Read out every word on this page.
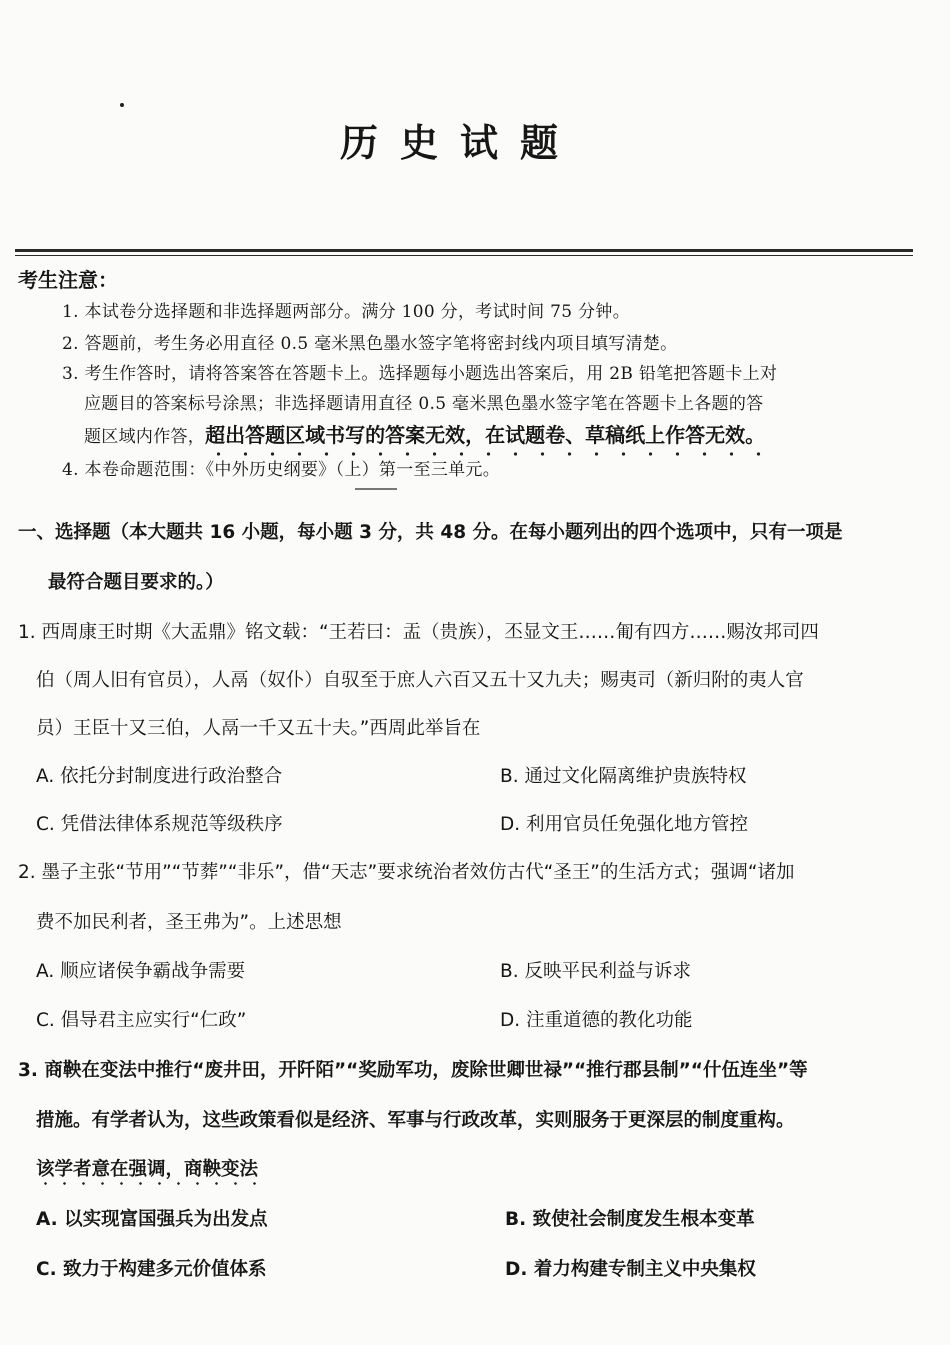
历史试题
考生注意：
1. 本试卷分选择题和非选择题两部分。满分 100 分，考试时间 75 分钟。
2. 答题前，考生务必用直径 0.5 毫米黑色墨水签字笔将密封线内项目填写清楚。
3. 考生作答时，请将答案答在答题卡上。选择题每小题选出答案后，用 2B 铅笔把答题卡上对
应题目的答案标号涂黑；非选择题请用直径 0.5 毫米黑色墨水签字笔在答题卡上各题的答
题区域内作答，超出答题区域书写的答案无效，在试题卷、草稿纸上作答无效。
4. 本卷命题范围：《中外历史纲要》（上）第一至三单元。
一、选择题（本大题共 16 小题，每小题 3 分，共 48 分。在每小题列出的四个选项中，只有一项是
最符合题目要求的。）
1. 西周康王时期《大盂鼎》铭文载：“王若曰：盂（贵族），丕显文王……匍有四方……赐汝邦司四
伯（周人旧有官员），人鬲（奴仆）自驭至于庶人六百又五十又九夫；赐夷司（新归附的夷人官
员）王臣十又三伯，人鬲一千又五十夫。”西周此举旨在
A. 依托分封制度进行政治整合	B. 通过文化隔离维护贵族特权
C. 凭借法律体系规范等级秩序	D. 利用官员任免强化地方管控
2. 墨子主张“节用”“节葬”“非乐”，借“天志”要求统治者效仿古代“圣王”的生活方式；强调“诸加
费不加民利者，圣王弗为”。上述思想
A. 顺应诸侯争霸战争需要	B. 反映平民利益与诉求
C. 倡导君主应实行“仁政”	D. 注重道德的教化功能
3. 商鞅在变法中推行“废井田，开阡陌”“奖励军功，废除世卿世禄”“推行郡县制”“什伍连坐”等
措施。有学者认为，这些政策看似是经济、军事与行政改革，实则服务于更深层的制度重构。
该学者意在强调，商鞅变法
A. 以实现富国强兵为出发点	B. 致使社会制度发生根本变革
C. 致力于构建多元价值体系	D. 着力构建专制主义中央集权
